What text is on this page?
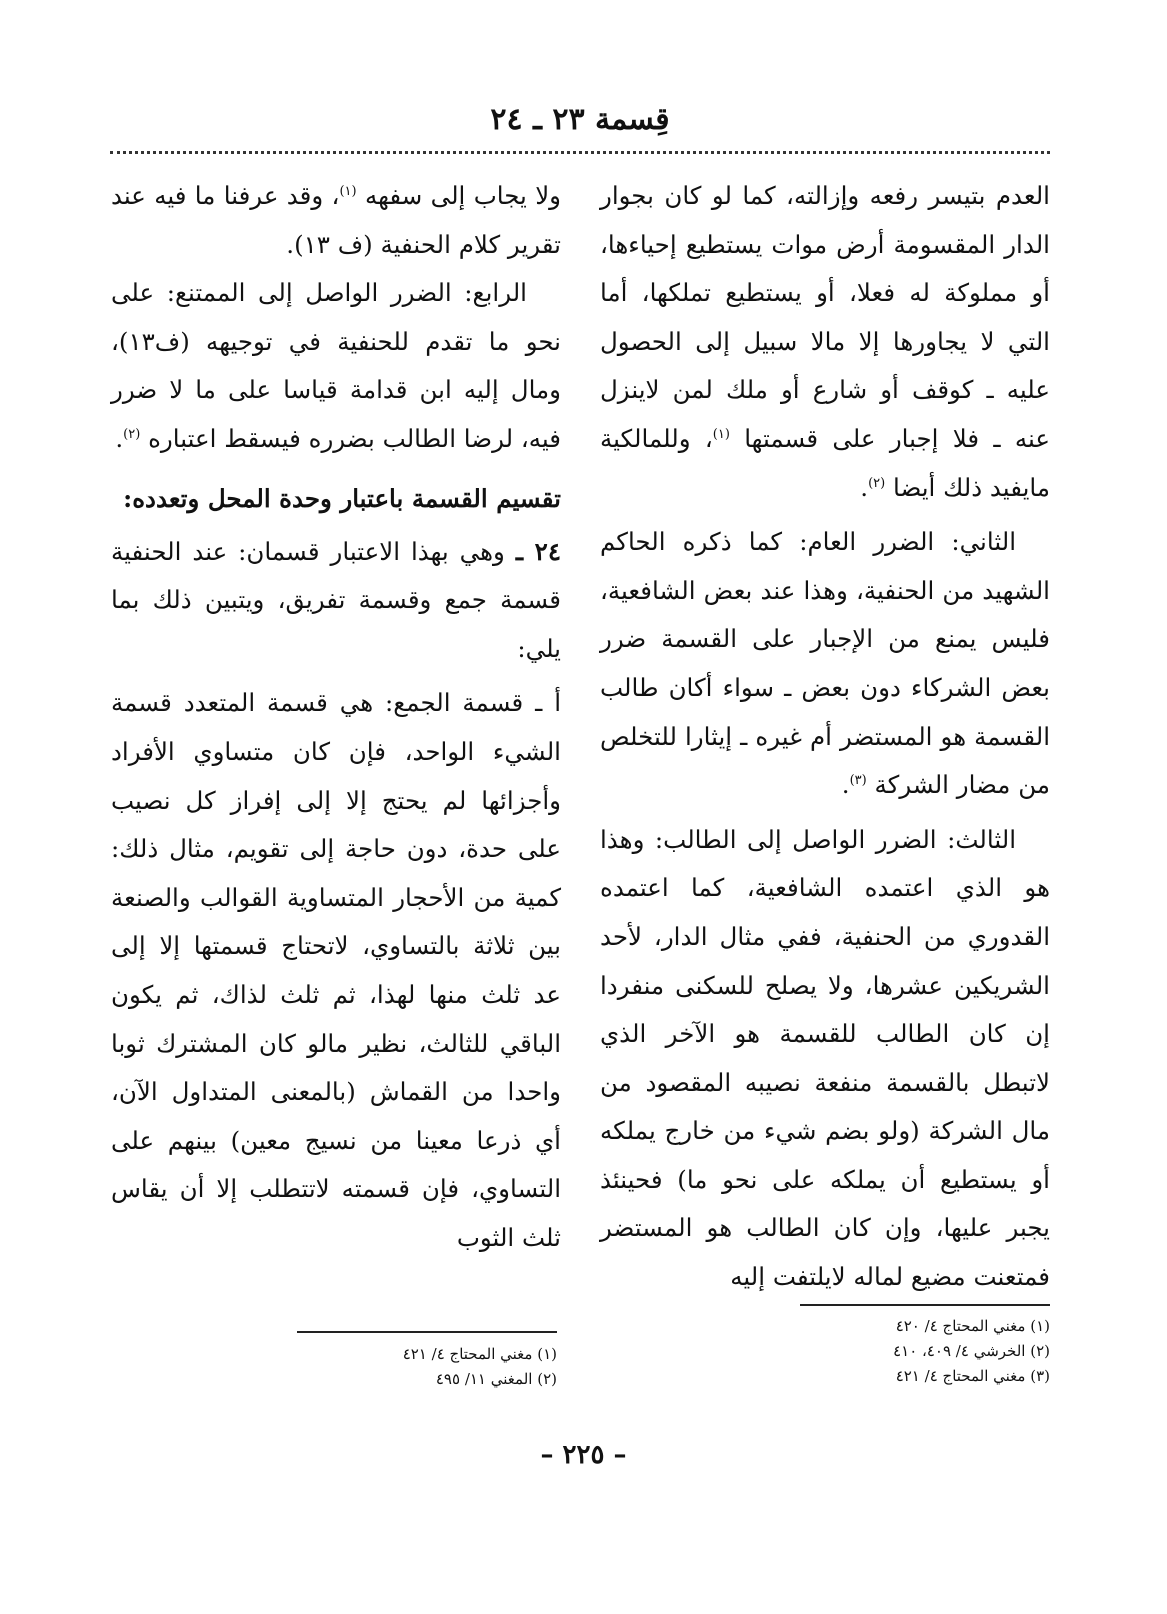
قِسمة ٢٣ ـ ٢٤

العدم بتيسر رفعه وإزالته، كما لو كان بجوار الدار المقسومة أرض موات يستطيع إحياءها، أو مملوكة له فعلا، أو يستطيع تملكها، أما التي لا يجاورها إلا مالا سبيل إلى الحصول عليه ـ كوقف أو شارع أو ملك لمن لاينزل عنه ـ فلا إجبار على قسمتها $^{(١)}$، وللمالكية مايفيد ذلك أيضا $^{(٢)}$.

الثاني: الضرر العام: كما ذكره الحاكم الشهيد من الحنفية، وهذا عند بعض الشافعية، فليس يمنع من الإجبار على القسمة ضرر بعض الشركاء دون بعض ـ سواء أكان طالب القسمة هو المستضر أم غيره ـ إيثارا للتخلص من مضار الشركة $^{(٣)}$.

الثالث: الضرر الواصل إلى الطالب: وهذا هو الذي اعتمده الشافعية، كما اعتمده القدوري من الحنفية، ففي مثال الدار، لأحد الشريكين عشرها، ولا يصلح للسكنى منفردا إن كان الطالب للقسمة هو الآخر الذي لاتبطل بالقسمة منفعة نصيبه المقصود من مال الشركة (ولو بضم شيء من خارج يملكه أو يستطيع أن يملكه على نحو ما) فحينئذ يجبر عليها، وإن كان الطالب هو المستضر فمتعنت مضيع لماله لايلتفت إليه

ولا يجاب إلى سفهه $^{(١)}$، وقد عرفنا ما فيه عند تقرير كلام الحنفية (ف ١٣).

الرابع: الضرر الواصل إلى الممتنع: على نحو ما تقدم للحنفية في توجيهه (ف١٣)، ومال إليه ابن قدامة قياسا على ما لا ضرر فيه، لرضا الطالب بضرره فيسقط اعتباره $^{(٢)}$.

تقسيم القسمة باعتبار وحدة المحل وتعدده:

٢٤ ـ وهي بهذا الاعتبار قسمان: عند الحنفية قسمة جمع وقسمة تفريق، ويتبين ذلك بما يلي:

أ ـ قسمة الجمع: هي قسمة المتعدد قسمة الشيء الواحد، فإن كان متساوي الأفراد وأجزائها لم يحتج إلا إلى إفراز كل نصيب على حدة، دون حاجة إلى تقويم، مثال ذلك: كمية من الأحجار المتساوية القوالب والصنعة بين ثلاثة بالتساوي، لاتحتاج قسمتها إلا إلى عد ثلث منها لهذا، ثم ثلث لذاك، ثم يكون الباقي للثالث، نظير مالو كان المشترك ثوبا واحدا من القماش (بالمعنى المتداول الآن، أي ذرعا معينا من نسيج معين) بينهم على التساوي، فإن قسمته لاتتطلب إلا أن يقاس ثلث الثوب

(١) مغني المحتاج ٤/ ٤٢٠
(٢) الخرشي ٤/ ٤٠٩، ٤١٠
(٣) مغني المحتاج ٤/ ٤٢١
(١) مغني المحتاج ٤/ ٤٢١
(٢) المغني ١١/ ٤٩٥
– ٢٢٥ –
